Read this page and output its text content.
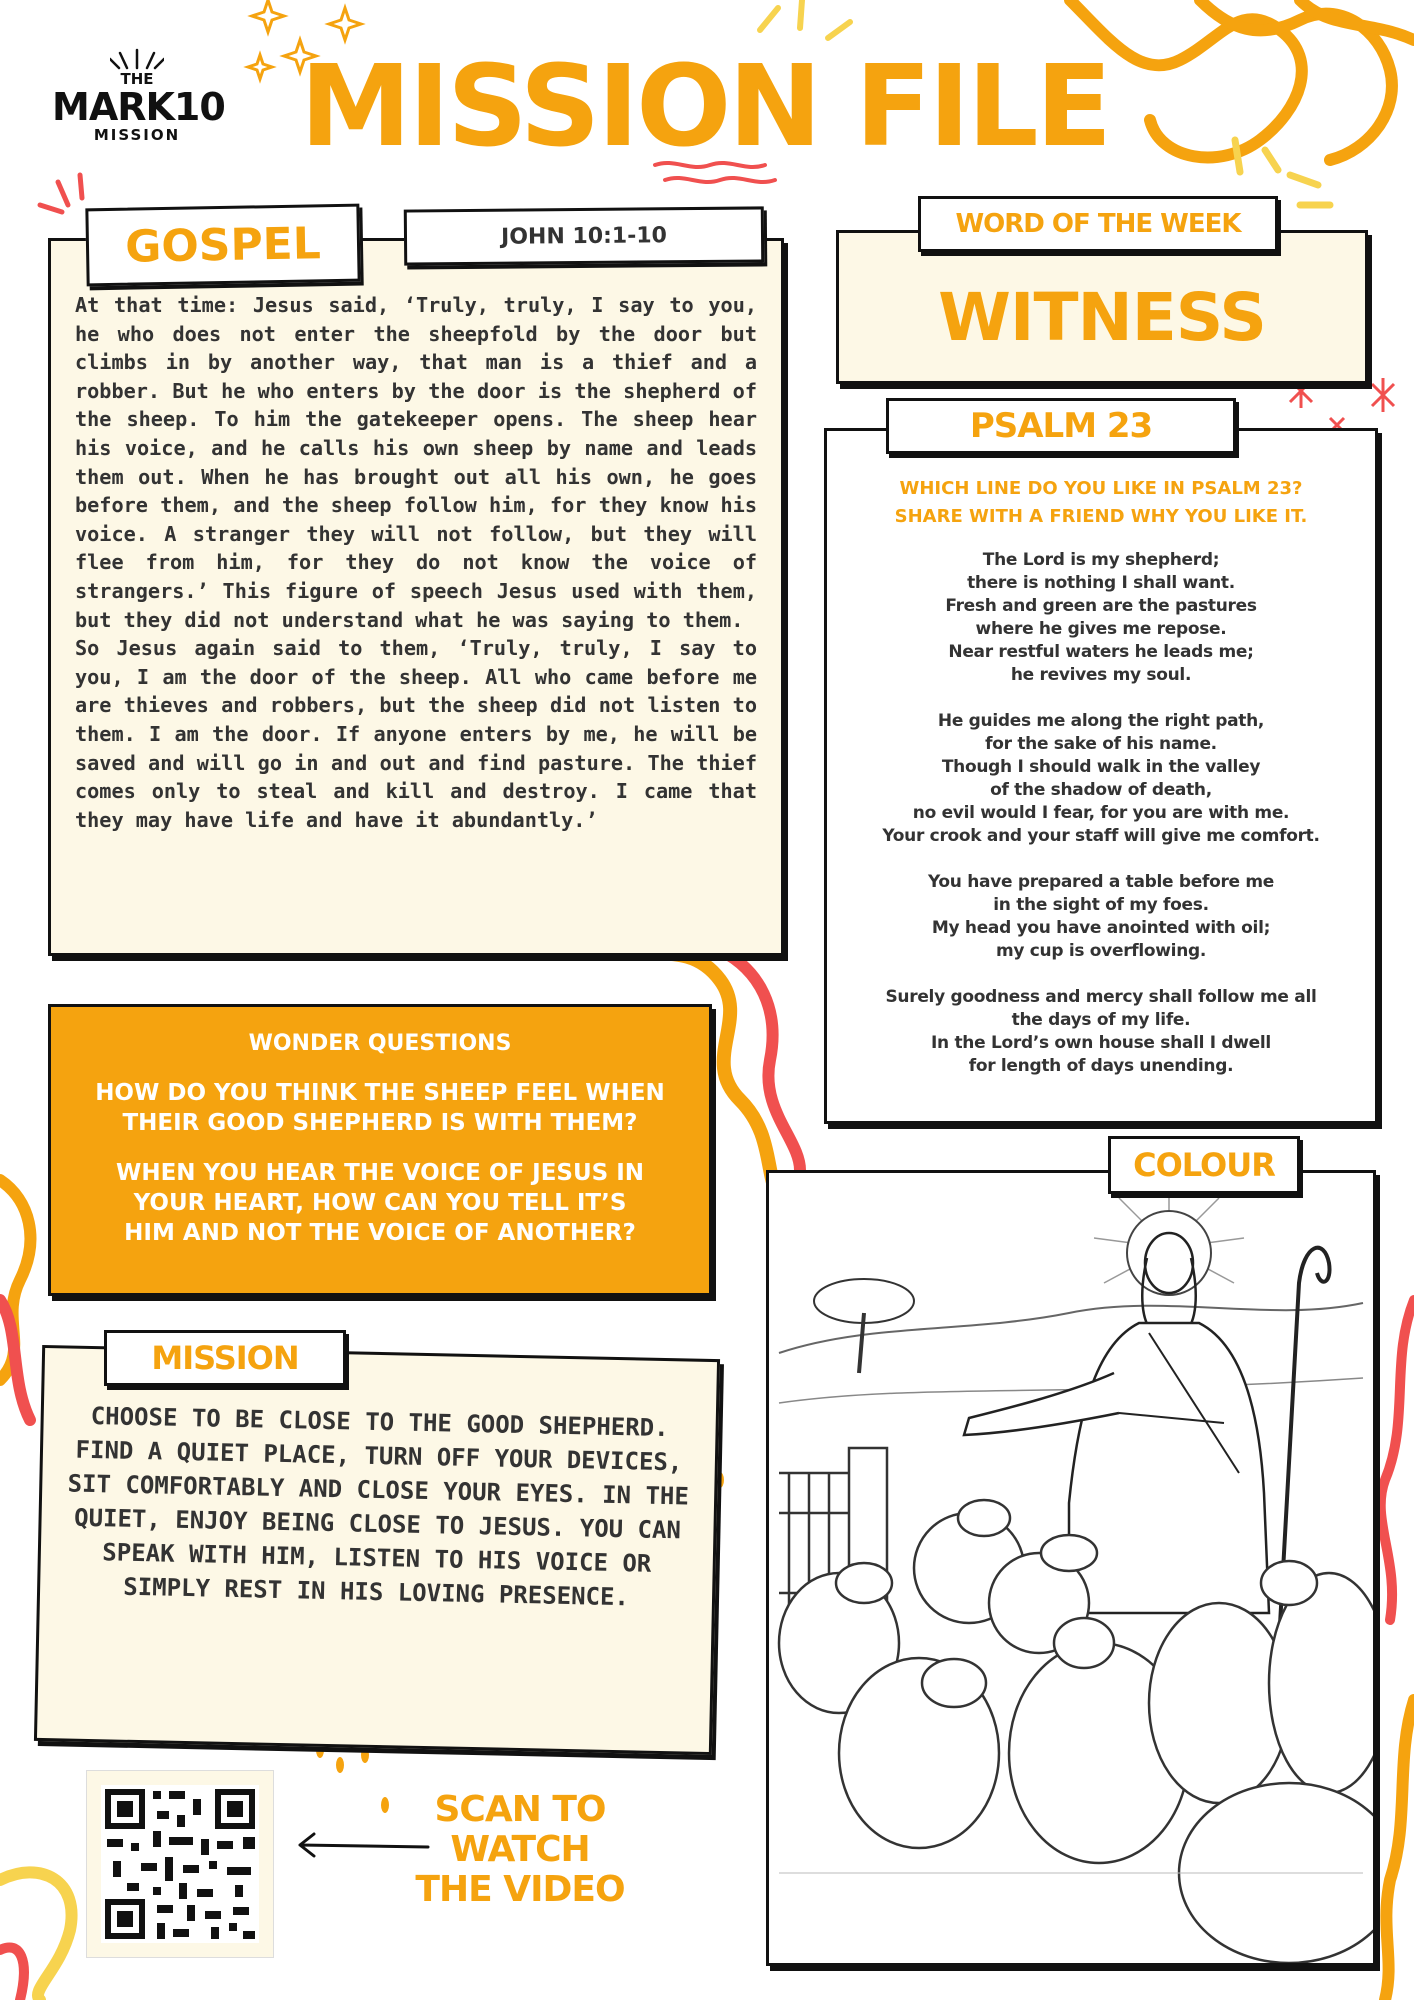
THE
MARK10
MISSION	MISSION FILE
At that time: Jesus said, ‘Truly, truly, I say to you, he who does not enter the sheepfold by the door but climbs in by another way, that man is a thief and a robber. But he who enters by the door is the shepherd of the sheep. To him the gatekeeper opens. The sheep hear his voice, and he calls his own sheep by name and leads them out. When he has brought out all his own, he goes before them, and the sheep follow him, for they know his voice. A stranger they will not follow, but they will flee from him, for they do not know the voice of strangers.’ This figure of speech Jesus used with them, but they did not understand what he was saying to them.
So Jesus again said to them, ‘Truly, truly, I say to you, I am the door of the sheep. All who came before me are thieves and robbers, but the sheep did not listen to them. I am the door. If anyone enters by me, he will be saved and will go in and out and find pasture. The thief comes only to steal and kill and destroy. I came that they may have life and have it abundantly.’
GOSPEL	JOHN 10:1-10
WITNESS
WORD OF THE WEEK
WHICH LINE DO YOU LIKE IN PSALM 23?
SHARE WITH A FRIEND WHY YOU LIKE IT.
The Lord is my shepherd;
there is nothing I shall want.
Fresh and green are the pastures
where he gives me repose.
Near restful waters he leads me;
he revives my soul.

He guides me along the right path,
for the sake of his name.
Though I should walk in the valley
of the shadow of death,
no evil would I fear, for you are with me.
Your crook and your staff will give me comfort.

You have prepared a table before me
in the sight of my foes.
My head you have anointed with oil;
my cup is overflowing.

Surely goodness and mercy shall follow me all
the days of my life.
In the Lord’s own house shall I dwell
for length of days unending.
PSALM 23
WONDER QUESTIONS
HOW DO YOU THINK THE SHEEP FEEL WHEN
THEIR GOOD SHEPHERD IS WITH THEM?
WHEN YOU HEAR THE VOICE OF JESUS IN
YOUR HEART, HOW CAN YOU TELL IT’S
HIM AND NOT THE VOICE OF ANOTHER?
CHOOSE TO BE CLOSE TO THE GOOD SHEPHERD. FIND A QUIET PLACE, TURN OFF YOUR DEVICES, SIT COMFORTABLY AND CLOSE YOUR EYES. IN THE QUIET, ENJOY BEING CLOSE TO JESUS. YOU CAN SPEAK WITH HIM, LISTEN TO HIS VOICE OR SIMPLY REST IN HIS LOVING PRESENCE.
MISSION
COLOUR
SCAN TO
WATCH
THE VIDEO
